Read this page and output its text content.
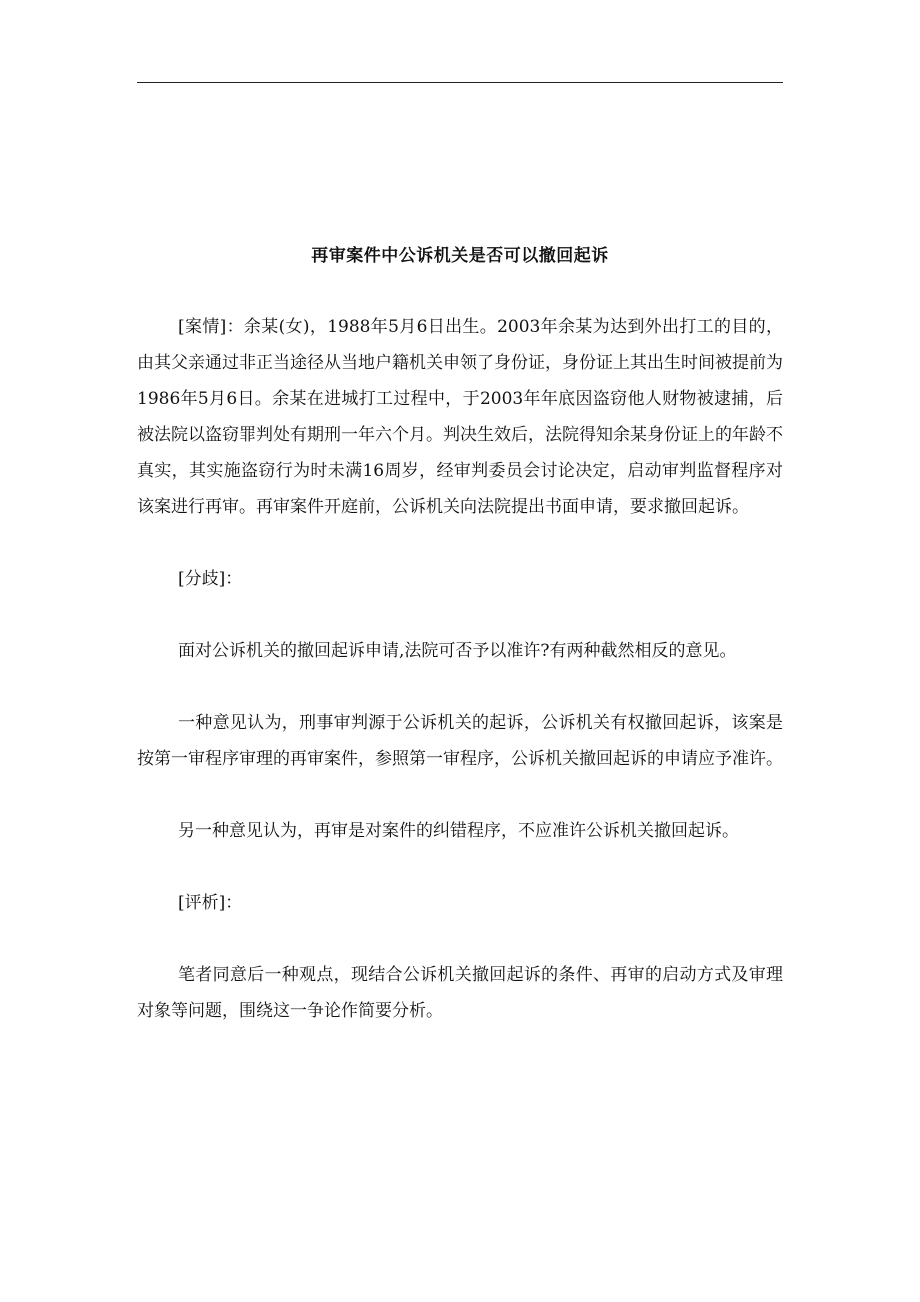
再审案件中公诉机关是否可以撤回起诉

[案情]：余某(女)，1988年5月6日出生。2003年余某为达到外出打工的目的，由其父亲通过非正当途径从当地户籍机关申领了身份证，身份证上其出生时间被提前为1986年5月6日。余某在进城打工过程中，于2003年年底因盗窃他人财物被逮捕，后被法院以盗窃罪判处有期刑一年六个月。判决生效后，法院得知余某身份证上的年龄不真实，其实施盗窃行为时未满16周岁，经审判委员会讨论决定，启动审判监督程序对该案进行再审。再审案件开庭前，公诉机关向法院提出书面申请，要求撤回起诉。

[分歧]：

面对公诉机关的撤回起诉申请,法院可否予以准许?有两种截然相反的意见。

一种意见认为，刑事审判源于公诉机关的起诉，公诉机关有权撤回起诉，该案是按第一审程序审理的再审案件，参照第一审程序，公诉机关撤回起诉的申请应予准许。

另一种意见认为，再审是对案件的纠错程序，不应准许公诉机关撤回起诉。

[评析]：

笔者同意后一种观点，现结合公诉机关撤回起诉的条件、再审的启动方式及审理对象等问题，围绕这一争论作简要分析。
